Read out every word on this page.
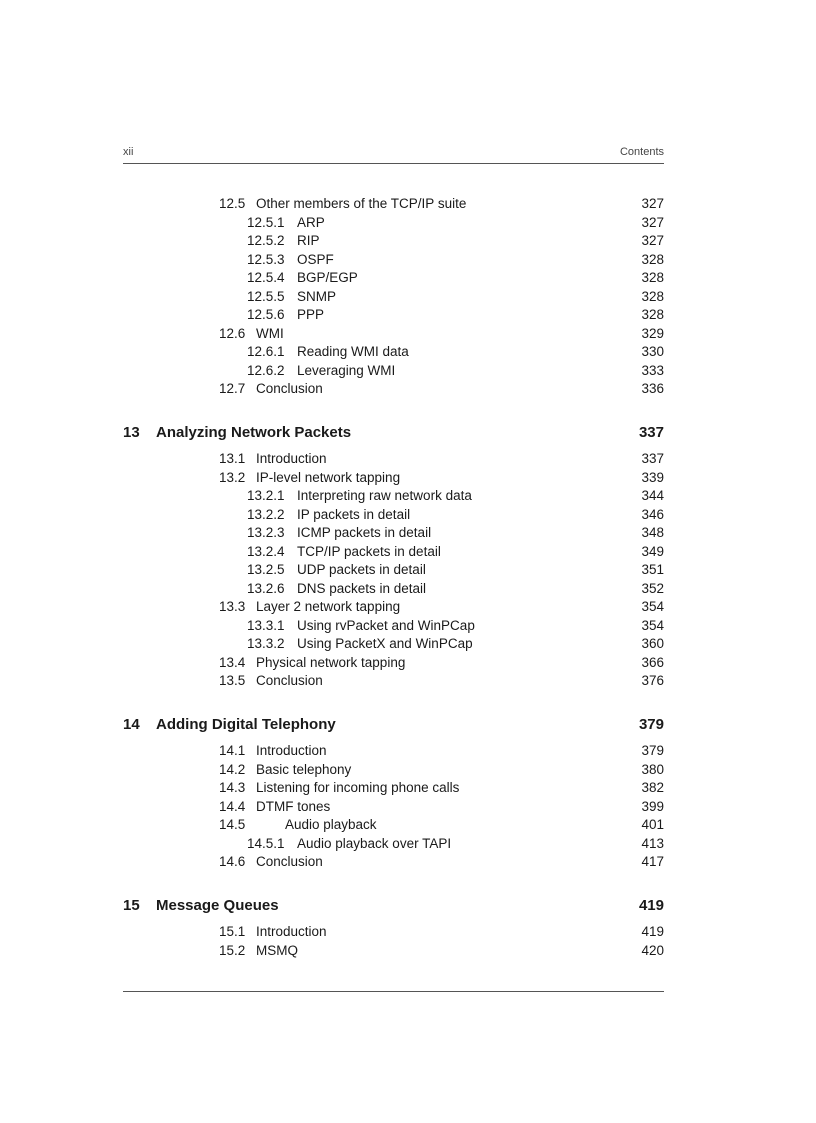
xii	Contents
12.5 Other members of the TCP/IP suite	327
12.5.1 ARP	327
12.5.2 RIP	327
12.5.3 OSPF	328
12.5.4 BGP/EGP	328
12.5.5 SNMP	328
12.5.6 PPP	328
12.6 WMI	329
12.6.1 Reading WMI data	330
12.6.2 Leveraging WMI	333
12.7 Conclusion	336
13 Analyzing Network Packets	337
13.1 Introduction	337
13.2 IP-level network tapping	339
13.2.1 Interpreting raw network data	344
13.2.2 IP packets in detail	346
13.2.3 ICMP packets in detail	348
13.2.4 TCP/IP packets in detail	349
13.2.5 UDP packets in detail	351
13.2.6 DNS packets in detail	352
13.3 Layer 2 network tapping	354
13.3.1 Using rvPacket and WinPCap	354
13.3.2 Using PacketX and WinPCap	360
13.4 Physical network tapping	366
13.5 Conclusion	376
14 Adding Digital Telephony	379
14.1 Introduction	379
14.2 Basic telephony	380
14.3 Listening for incoming phone calls	382
14.4 DTMF tones	399
14.5	Audio playback	401
14.5.1 Audio playback over TAPI	413
14.6 Conclusion	417
15 Message Queues	419
15.1 Introduction	419
15.2 MSMQ	420
